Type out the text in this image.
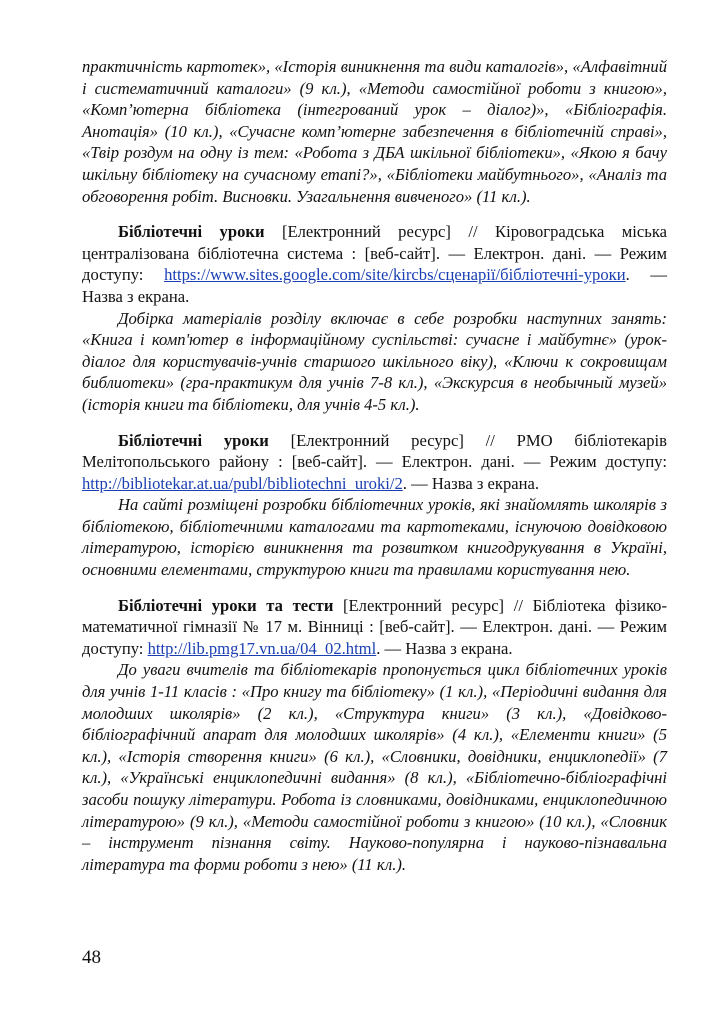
практичність картотек», «Історія виникнення та види каталогів», «Алфавітний і систематичний каталоги» (9 кл.), «Методи самостійної роботи з книгою», «Комп’ютерна бібліотека (інтегрований урок – діалог)», «Бібліографія. Анотація» (10 кл.), «Сучасне комп’ютерне забезпечення в бібліотечній справі», «Твір роздум на одну із тем: «Робота з ДБА шкільної бібліотеки», «Якою я бачу шкільну бібліотеку на сучасному етапі?», «Бібліотеки майбутнього», «Аналіз та обговорення робіт. Висновки. Узагальнення вивченого» (11 кл.).

Бібліотечні уроки [Електронний ресурс] // Кіровоградська міська централізована бібліотечна система : [веб-сайт]. — Електрон. дані. — Режим доступу: https://www.sites.google.com/site/kircbs/сценарії/бібліотечні-уроки. — Назва з екрана.

Добірка матеріалів розділу включає в себе розробки наступних занять: «Книга і комп'ютер в інформаційному суспільстві: сучасне і майбутнє» (урок-діалог для користувачів-учнів старшого шкільного віку), «Ключи к сокровищам библиотеки» (гра-практикум для учнів 7-8 кл.), «Экскурсия в необычный музей» (історія книги та бібліотеки, для учнів 4-5 кл.).

Бібліотечні уроки [Електронний ресурс] // РМО бібліотекарів Мелітопольського району : [веб-сайт]. — Електрон. дані. — Режим доступу: http://bibliotekar.at.ua/publ/bibliotechni_uroki/2. — Назва з екрана.

На сайті розміщені розробки бібліотечних уроків, які знайомлять школярів з бібліотекою, бібліотечними каталогами та картотеками, існуючою довідковою літературою, історією виникнення та розвитком книгодрукування в Україні, основними елементами, структурою книги та правилами користування нею.

Бібліотечні уроки та тести [Електронний ресурс] // Бібліотека фізико-математичної гімназії № 17 м. Вінниці : [веб-сайт]. — Електрон. дані. — Режим доступу: http://lib.pmg17.vn.ua/04_02.html. — Назва з екрана.

До уваги вчителів та бібліотекарів пропонується цикл бібліотечних уроків для учнів 1-11 класів : «Про книгу та бібліотеку» (1 кл.), «Періодичні видання для молодших школярів» (2 кл.), «Структура книги» (3 кл.), «Довідково-бібліографічний апарат для молодших школярів» (4 кл.), «Елементи книги» (5 кл.), «Історія створення книги» (6 кл.), «Словники, довідники, енциклопедії» (7 кл.), «Українські енциклопедичні видання» (8 кл.), «Бібліотечно-бібліографічні засоби пошуку літератури. Робота із словниками, довідниками, енциклопедичною літературою» (9 кл.), «Методи самостійної роботи з книгою» (10 кл.), «Словник – інструмент пізнання світу. Науково-популярна і науково-пізнавальна література та форми роботи з нею» (11 кл.).

48
